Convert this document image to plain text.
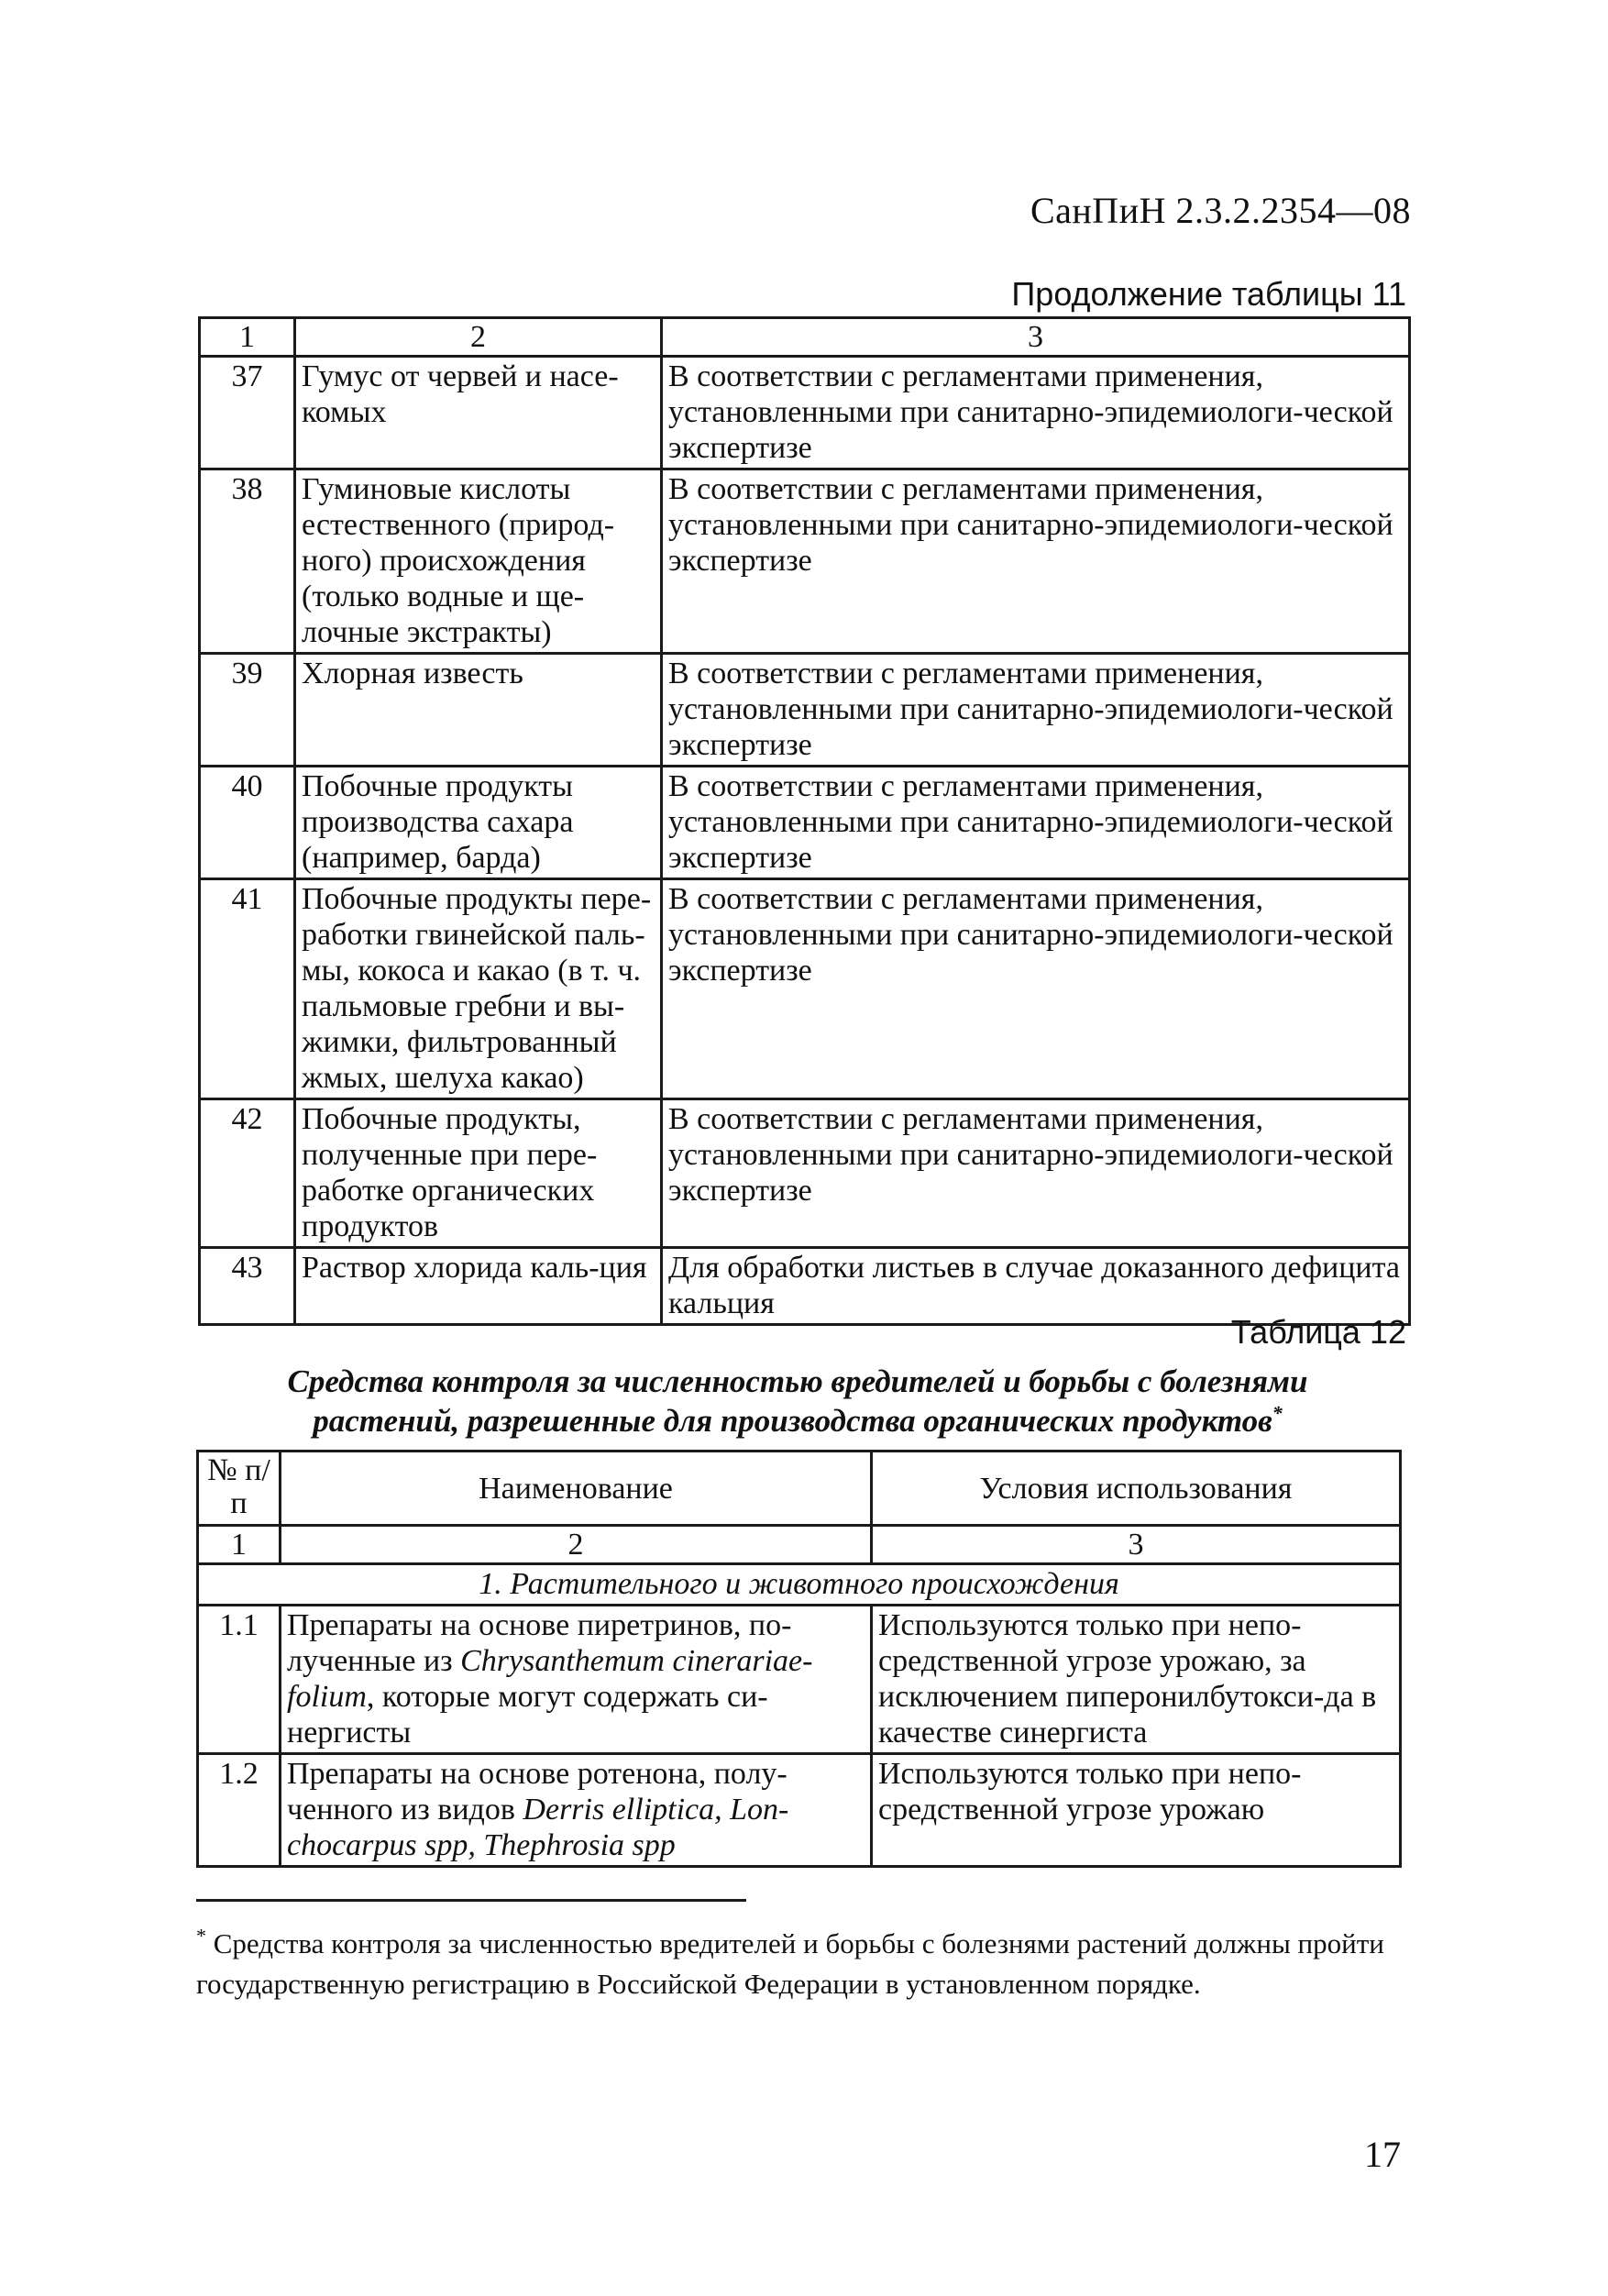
СанПиН 2.3.2.2354—08
Продолжение таблицы 11
1	2	3
37	Гумус от червей и насе-комых	В соответствии с регламентами применения, установленными при санитарно-эпидемиологи-ческой экспертизе
38	Гуминовые кислоты естественного (природ-ного) происхождения (только водные и ще-лочные экстракты)	В соответствии с регламентами применения, установленными при санитарно-эпидемиологи-ческой экспертизе
39	Хлорная известь	В соответствии с регламентами применения, установленными при санитарно-эпидемиологи-ческой экспертизе
40	Побочные продукты производства сахара (например, барда)	В соответствии с регламентами применения, установленными при санитарно-эпидемиологи-ческой экспертизе
41	Побочные продукты пере-работки гвинейской паль-мы, кокоса и какао (в т. ч. пальмовые гребни и вы-жимки, фильтрованный жмых, шелуха какао)	В соответствии с регламентами применения, установленными при санитарно-эпидемиологи-ческой экспертизе
42	Побочные продукты, полученные при пере-работке органических продуктов	В соответствии с регламентами применения, установленными при санитарно-эпидемиологи-ческой экспертизе
43	Раствор хлорида каль-ция	Для обработки листьев в случае доказанного дефицита кальция
Таблица 12
Средства контроля за численностью вредителей и борьбы с болезнями
растений, разрешенные для производства органических продуктов*
№ п/п	Наименование	Условия использования
1	2	3
1. Растительного и животного происхождения		
1.1	Препараты на основе пиретринов, по-лученные из Chrysanthemum cinerariae-folium, которые могут содержать си-нергисты	Используются только при непо-средственной угрозе урожаю, за исключением пиперонилбутокси-да в качестве синергиста
1.2	Препараты на основе ротенона, полу-ченного из видов Derris elliptica, Lon-chocarpus spp, Thephrosia spp	Используются только при непо-средственной угрозе урожаю
* Средства контроля за численностью вредителей и борьбы с болезнями растений должны пройти государственную регистрацию в Российской Федерации в установленном порядке.
17
